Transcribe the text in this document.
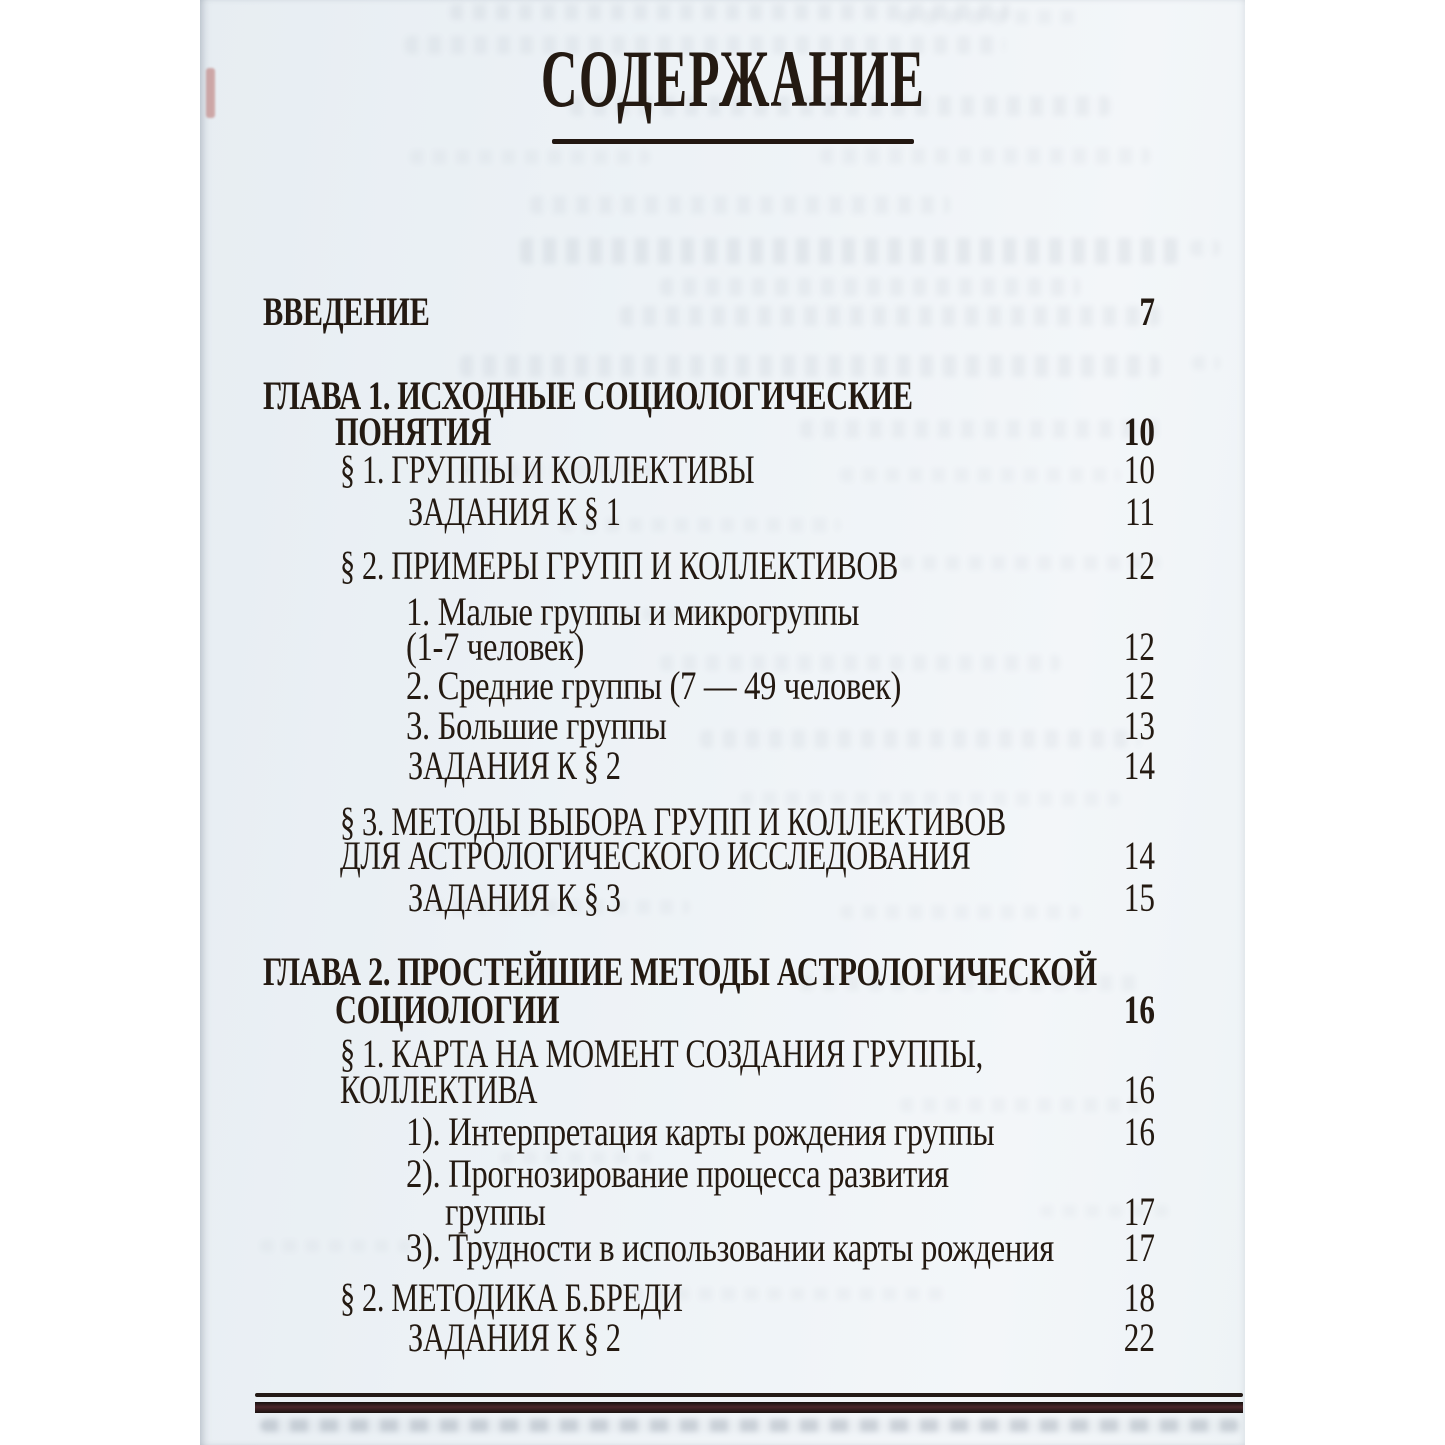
СОДЕРЖАНИЕ
ВВЕДЕНИЕ	7
ГЛАВА 1. ИСХОДНЫЕ СОЦИОЛОГИЧЕСКИЕ
ПОНЯТИЯ	10
§ 1. ГРУППЫ И КОЛЛЕКТИВЫ	10
ЗАДАНИЯ К § 1	11
§ 2. ПРИМЕРЫ ГРУПП И КОЛЛЕКТИВОВ	12
1. Малые группы и микрогруппы
(1-7 человек)	12
2. Средние группы (7 — 49 человек)	12
3. Большие группы	13
ЗАДАНИЯ К § 2	14
§ 3. МЕТОДЫ ВЫБОРА ГРУПП И КОЛЛЕКТИВОВ
ДЛЯ АСТРОЛОГИЧЕСКОГО ИССЛЕДОВАНИЯ	14
ЗАДАНИЯ К § 3	15
ГЛАВА 2. ПРОСТЕЙШИЕ МЕТОДЫ АСТРОЛОГИЧЕСКОЙ
СОЦИОЛОГИИ	16
§ 1. КАРТА НА МОМЕНТ СОЗДАНИЯ ГРУППЫ,
КОЛЛЕКТИВА	16
1). Интерпретация карты рождения группы	16
2). Прогнозирование процесса развития
группы	17
3). Трудности в использовании карты рождения	17
§ 2. МЕТОДИКА Б.БРЕДИ	18
ЗАДАНИЯ К § 2	22
